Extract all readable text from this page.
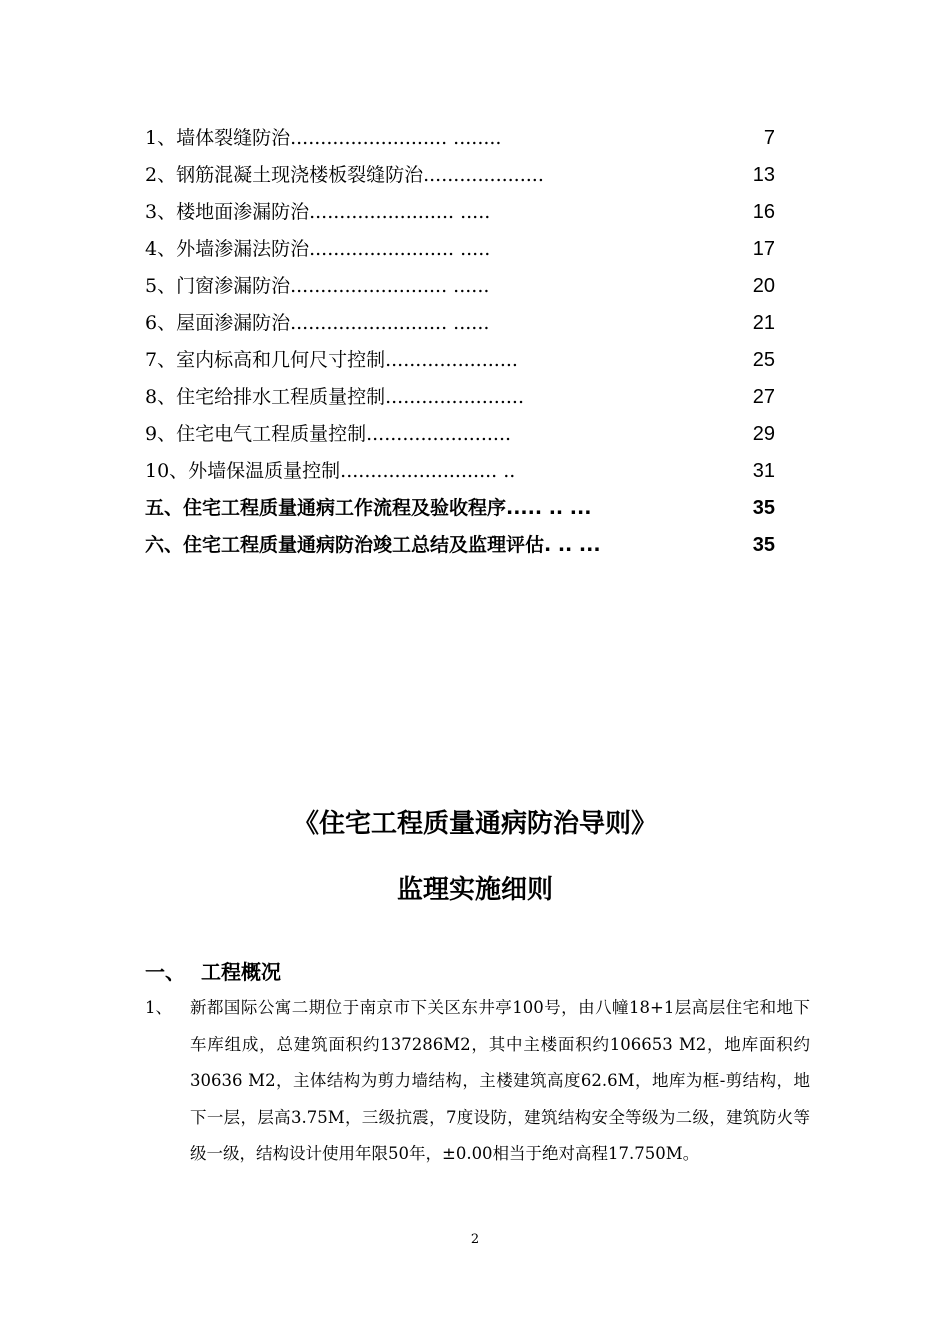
1、墙体裂缝防治.......................... ........	7
2、钢筋混凝土现浇楼板裂缝防治....................	13
3、楼地面渗漏防治........................ .....	16
4、外墙渗漏法防治........................ .....	17
5、门窗渗漏防治.......................... ......	20
6、屋面渗漏防治.......................... ......	21
7、室内标高和几何尺寸控制......................	25
8、住宅给排水工程质量控制.......................	27
9、住宅电气工程质量控制........................	29
10、外墙保温质量控制.......................... ..	31
五、住宅工程质量通病工作流程及验收程序..... .. ...	35
六、住宅工程质量通病防治竣工总结及监理评估. .. ...	35
《住宅工程质量通病防治导则》
监理实施细则
一、 工程概况
1、 新都国际公寓二期位于南京市下关区东井亭100号，由八幢18+1层高层住宅和地下车库组成，总建筑面积约137286M2，其中主楼面积约106653 M2，地库面积约30636 M2，主体结构为剪力墙结构，主楼建筑高度62.6M，地库为框-剪结构，地下一层，层高3.75M，三级抗震，7度设防，建筑结构安全等级为二级，建筑防火等级一级，结构设计使用年限50年，±0.00相当于绝对高程17.750M。
2
